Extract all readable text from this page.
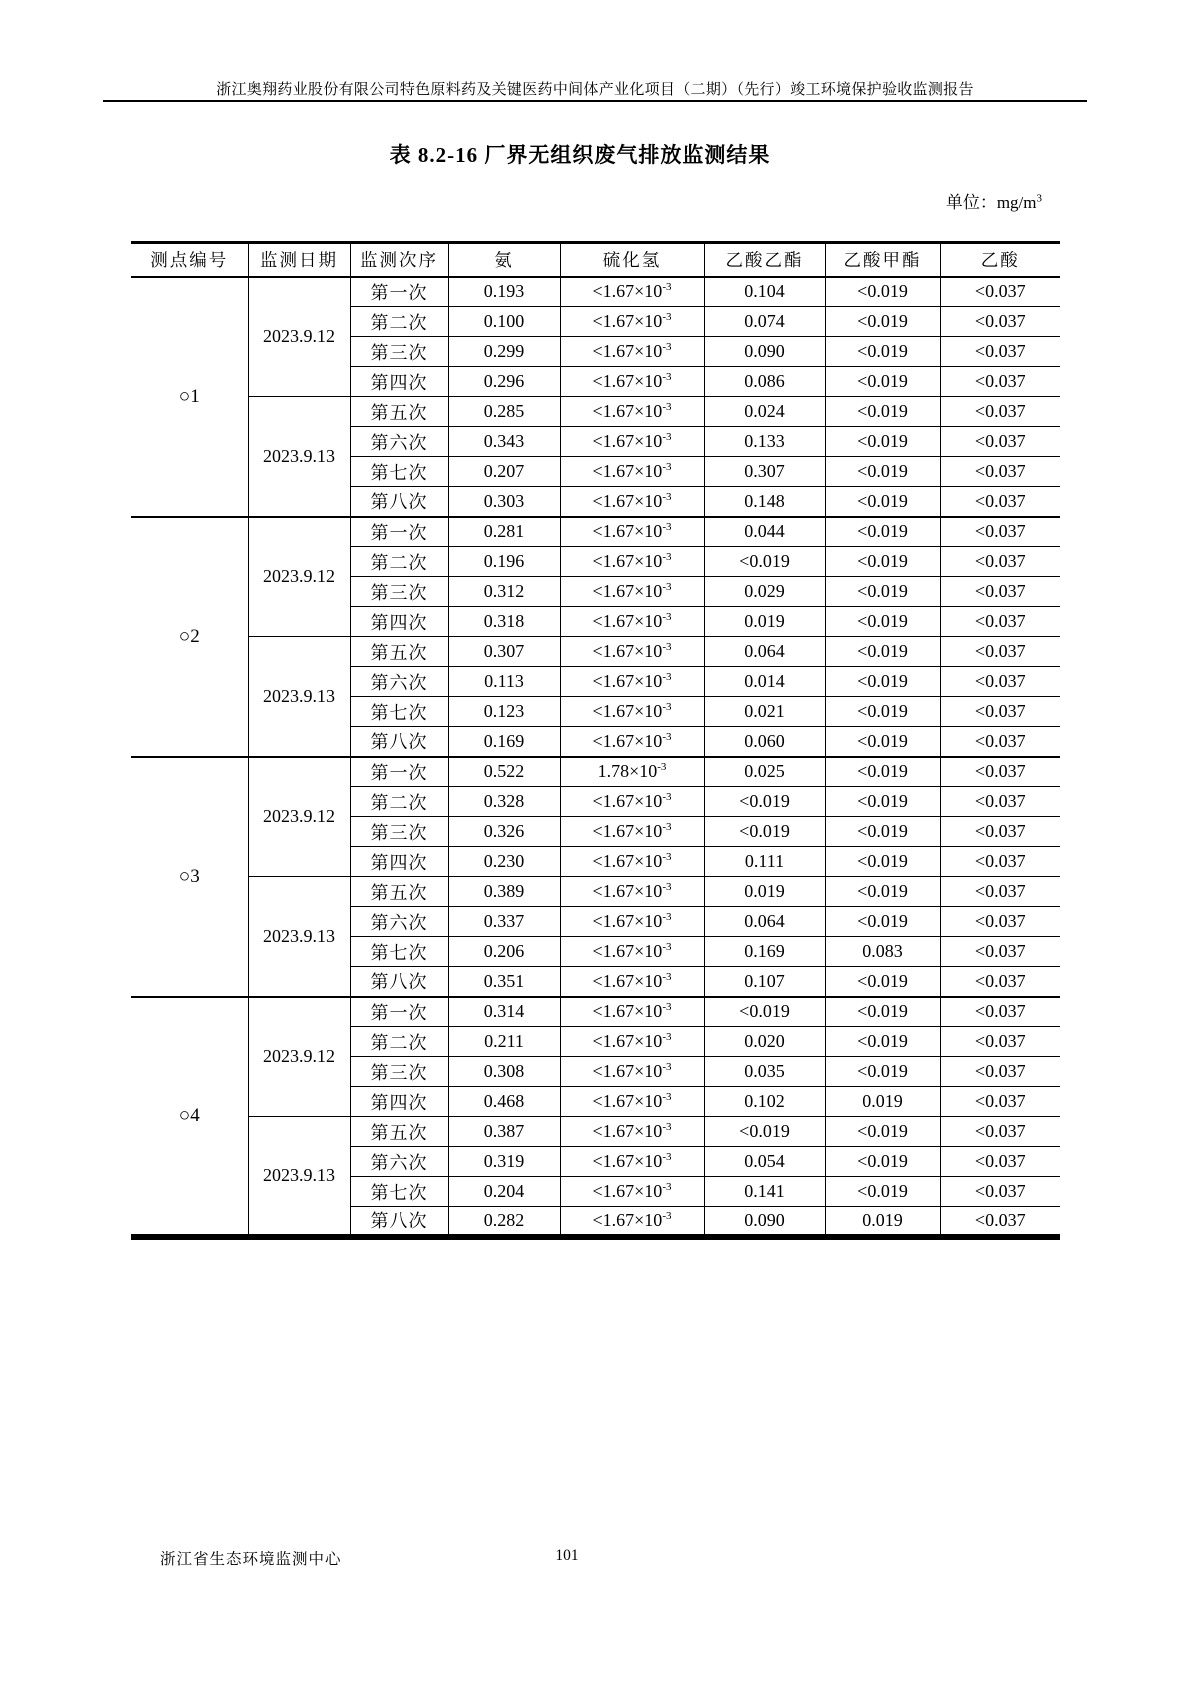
浙江奥翔药业股份有限公司特色原料药及关键医药中间体产业化项目（二期）（先行）竣工环境保护验收监测报告
表 8.2-16 厂界无组织废气排放监测结果
单位：$mg/m^3$
测点编号	监测日期	监测次序	氨	硫化氢	乙酸乙酯	乙酸甲酯	乙酸
○1	2023.9.12	第一次	0.193	$<1.67\times 10^{-3}$	0.104	<0.019	<0.037
		第二次	0.100	$<1.67\times 10^{-3}$	0.074	<0.019	<0.037
		第三次	0.299	$<1.67\times 10^{-3}$	0.090	<0.019	<0.037
		第四次	0.296	$<1.67\times 10^{-3}$	0.086	<0.019	<0.037
	2023.9.13	第五次	0.285	$<1.67\times 10^{-3}$	0.024	<0.019	<0.037
		第六次	0.343	$<1.67\times 10^{-3}$	0.133	<0.019	<0.037
		第七次	0.207	$<1.67\times 10^{-3}$	0.307	<0.019	<0.037
		第八次	0.303	$<1.67\times 10^{-3}$	0.148	<0.019	<0.037
○2	2023.9.12	第一次	0.281	$<1.67\times 10^{-3}$	0.044	<0.019	<0.037
		第二次	0.196	$<1.67\times 10^{-3}$	<0.019	<0.019	<0.037
		第三次	0.312	$<1.67\times 10^{-3}$	0.029	<0.019	<0.037
		第四次	0.318	$<1.67\times 10^{-3}$	0.019	<0.019	<0.037
	2023.9.13	第五次	0.307	$<1.67\times 10^{-3}$	0.064	<0.019	<0.037
		第六次	0.113	$<1.67\times 10^{-3}$	0.014	<0.019	<0.037
		第七次	0.123	$<1.67\times 10^{-3}$	0.021	<0.019	<0.037
		第八次	0.169	$<1.67\times 10^{-3}$	0.060	<0.019	<0.037
○3	2023.9.12	第一次	0.522	$1.78\times 10^{-3}$	0.025	<0.019	<0.037
		第二次	0.328	$<1.67\times 10^{-3}$	<0.019	<0.019	<0.037
		第三次	0.326	$<1.67\times 10^{-3}$	<0.019	<0.019	<0.037
		第四次	0.230	$<1.67\times 10^{-3}$	0.111	<0.019	<0.037
	2023.9.13	第五次	0.389	$<1.67\times 10^{-3}$	0.019	<0.019	<0.037
		第六次	0.337	$<1.67\times 10^{-3}$	0.064	<0.019	<0.037
		第七次	0.206	$<1.67\times 10^{-3}$	0.169	0.083	<0.037
		第八次	0.351	$<1.67\times 10^{-3}$	0.107	<0.019	<0.037
○4	2023.9.12	第一次	0.314	$<1.67\times 10^{-3}$	<0.019	<0.019	<0.037
		第二次	0.211	$<1.67\times 10^{-3}$	0.020	<0.019	<0.037
		第三次	0.308	$<1.67\times 10^{-3}$	0.035	<0.019	<0.037
		第四次	0.468	$<1.67\times 10^{-3}$	0.102	0.019	<0.037
	2023.9.13	第五次	0.387	$<1.67\times 10^{-3}$	<0.019	<0.019	<0.037
		第六次	0.319	$<1.67\times 10^{-3}$	0.054	<0.019	<0.037
		第七次	0.204	$<1.67\times 10^{-3}$	0.141	<0.019	<0.037
		第八次	0.282	$<1.67\times 10^{-3}$	0.090	0.019	<0.037
浙江省生态环境监测中心	101
